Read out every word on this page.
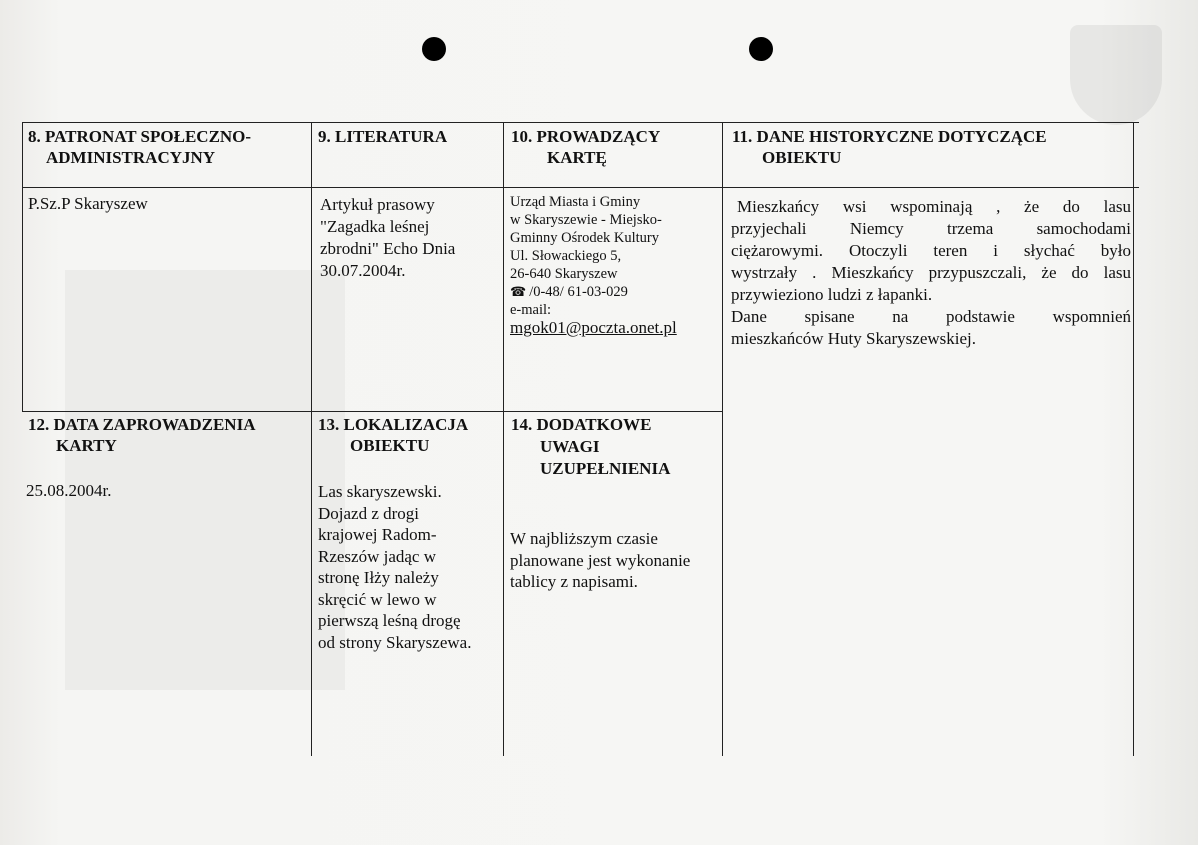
8. PATRONAT SPOŁECZNO-
ADMINISTRACYJNY
P.Sz.P Skaryszew
9. LITERATURA
Artykuł prasowy
"Zagadka leśnej
zbrodni" Echo Dnia
30.07.2004r.
10. PROWADZĄCY
KARTĘ
Urząd Miasta i Gminy
w Skaryszewie - Miejsko-
Gminny Ośrodek Kultury
Ul. Słowackiego 5,
26-640 Skaryszew
☎ /0-48/ 61-03-029
e-mail:
mgok01@poczta.onet.pl
11. DANE HISTORYCZNE DOTYCZĄCE
OBIEKTU
Mieszkańcy wsi wspominają , że do lasu
przyjechali Niemcy trzema samochodami
ciężarowymi. Otoczyli teren i słychać było
wystrzały . Mieszkańcy przypuszczali, że do lasu
przywieziono ludzi z łapanki.
Dane spisane na podstawie wspomnień
mieszkańców Huty Skaryszewskiej.
12. DATA ZAPROWADZENIA
KARTY
25.08.2004r.
13. LOKALIZACJA
OBIEKTU
Las skaryszewski.
Dojazd z drogi
krajowej Radom-
Rzeszów jadąc w
stronę Iłży należy
skręcić w lewo w
pierwszą leśną drogę
od strony Skaryszewa.
14. DODATKOWE
UWAGI
UZUPEŁNIENIA
W najbliższym czasie
planowane jest wykonanie
tablicy z napisami.
